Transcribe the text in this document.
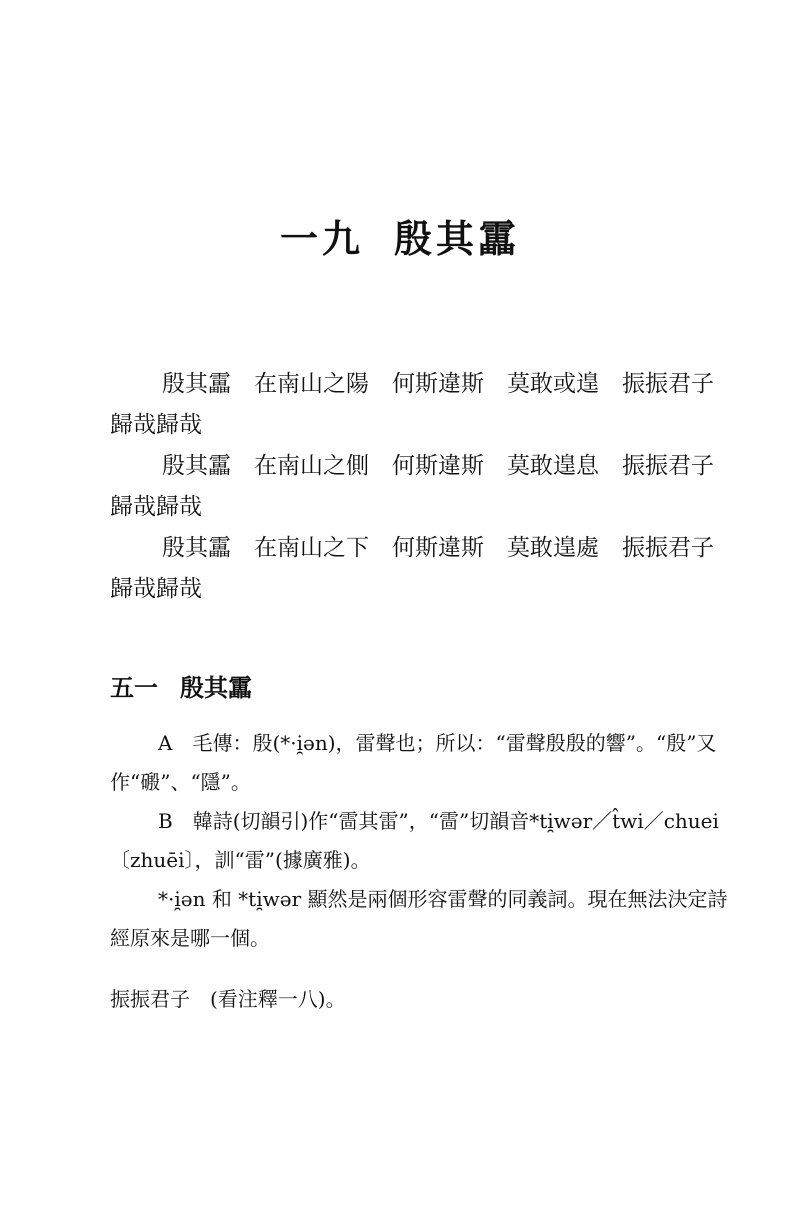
一九 殷其靁

殷其靁　在南山之陽　何斯違斯　莫敢或遑　振振君子　歸哉歸哉

殷其靁　在南山之側　何斯違斯　莫敢遑息　振振君子　歸哉歸哉

殷其靁　在南山之下　何斯違斯　莫敢遑處　振振君子　歸哉歸哉

五一 殷其靁

A　毛傳：殷(*·i̯ən)，雷聲也；所以：“雷聲殷殷的響”。“殷”又作“磤”、“隱”。

B　韓詩(切韻引)作“䨓其雷”，“䨓”切韻音*ti̯wər／t̂wi／chuei〔zhuēi〕，訓“雷”(據廣雅)。

*·i̯ən 和 *ti̯wər 顯然是兩個形容雷聲的同義詞。現在無法決定詩經原來是哪一個。

振振君子　(看注釋一八)。
